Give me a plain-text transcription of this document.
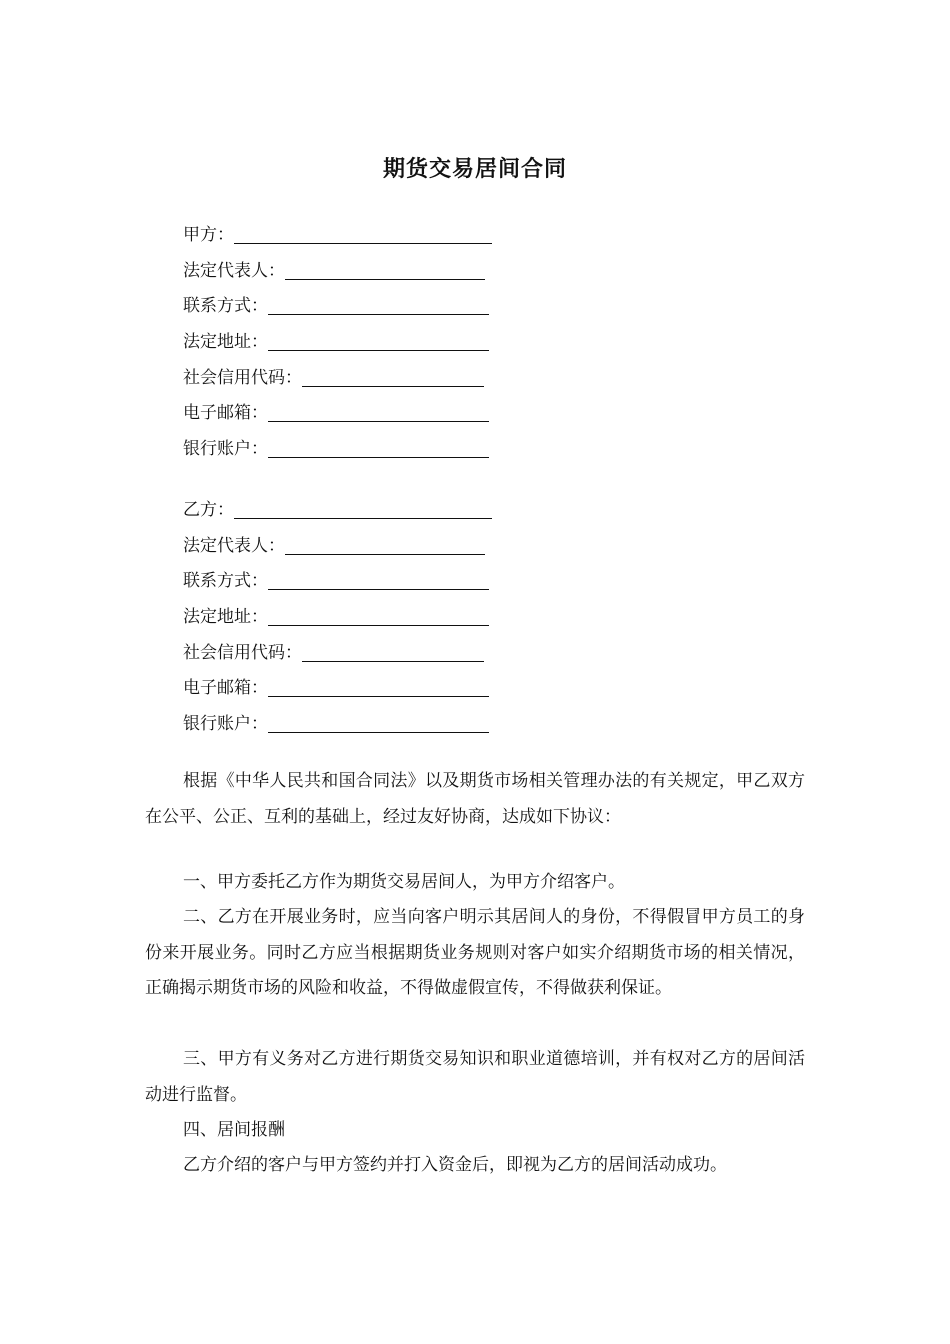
期货交易居间合同
甲方：
法定代表人：
联系方式：
法定地址：
社会信用代码：
电子邮箱：
银行账户：
乙方：
法定代表人：
联系方式：
法定地址：
社会信用代码：
电子邮箱：
银行账户：

根据《中华人民共和国合同法》以及期货市场相关管理办法的有关规定，甲乙双方在公平、公正、互利的基础上，经过友好协商，达成如下协议：

一、甲方委托乙方作为期货交易居间人，为甲方介绍客户。

二、乙方在开展业务时，应当向客户明示其居间人的身份，不得假冒甲方员工的身份来开展业务。同时乙方应当根据期货业务规则对客户如实介绍期货市场的相关情况，正确揭示期货市场的风险和收益，不得做虚假宣传，不得做获利保证。

三、甲方有义务对乙方进行期货交易知识和职业道德培训，并有权对乙方的居间活动进行监督。

四、居间报酬

乙方介绍的客户与甲方签约并打入资金后，即视为乙方的居间活动成功。
